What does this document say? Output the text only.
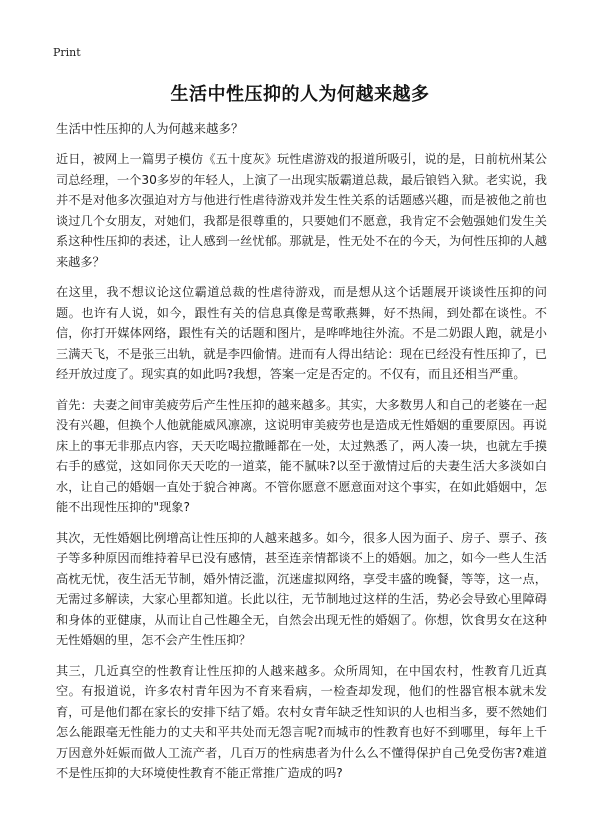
Print
生活中性压抑的人为何越来越多

生活中性压抑的人为何越来越多？

近日，被网上一篇男子模仿《五十度灰》玩性虐游戏的报道所吸引，说的是，日前杭州某公司总经理，一个30多岁的年轻人，上演了一出现实版霸道总裁，最后锒铛入狱。老实说，我并不是对他多次强迫对方与他进行性虐待游戏并发生性关系的话题感兴趣，而是被他之前也谈过几个女朋友，对她们，我都是很尊重的，只要她们不愿意，我肯定不会勉强她们发生关系这种性压抑的表述，让人感到一丝忧郁。那就是，性无处不在的今天，为何性压抑的人越来越多？

在这里，我不想议论这位霸道总裁的性虐待游戏，而是想从这个话题展开谈谈性压抑的问题。也许有人说，如今，跟性有关的信息真像是莺歌燕舞，好不热闹，到处都在谈性。不信，你打开媒体网络，跟性有关的话题和图片，是哗哗地往外流。不是二奶跟人跑，就是小三满天飞，不是张三出轨，就是李四偷情。进而有人得出结论：现在已经没有性压抑了，已经开放过度了。现实真的如此吗?我想，答案一定是否定的。不仅有，而且还相当严重。

首先：夫妻之间审美疲劳后产生性压抑的越来越多。其实，大多数男人和自己的老婆在一起没有兴趣，但换个人他就能威风凛凛，这说明审美疲劳也是造成无性婚姻的重要原因。再说床上的事无非那点内容，天天吃喝拉撒睡都在一处，太过熟悉了，两人凑一块，也就左手摸右手的感觉，这如同你天天吃的一道菜，能不腻味?以至于激情过后的夫妻生活大多淡如白水，让自己的婚姻一直处于貌合神离。不管你愿意不愿意面对这个事实，在如此婚姻中，怎能不出现性压抑的"现象?

其次，无性婚姻比例增高让性压抑的人越来越多。如今，很多人因为面子、房子、票子、孩子等多种原因而维持着早已没有感情，甚至连亲情都谈不上的婚姻。加之，如今一些人生活高枕无忧，夜生活无节制，婚外情泛滥，沉迷虚拟网络，享受丰盛的晚餐，等等，这一点，无需过多解读，大家心里都知道。长此以往，无节制地过这样的生活，势必会导致心里障碍和身体的亚健康，从而让自己性趣全无，自然会出现无性的婚姻了。你想，饮食男女在这种无性婚姻的里，怎不会产生性压抑？

其三，几近真空的性教育让性压抑的人越来越多。众所周知，在中国农村，性教育几近真空。有报道说，许多农村青年因为不育来看病，一检查却发现，他们的性器官根本就未发育，可是他们都在家长的安排下结了婚。农村女青年缺乏性知识的人也相当多，要不然她们怎么能跟毫无性能力的丈夫和平共处而无怨言呢?而城市的性教育也好不到哪里，每年上千万因意外妊娠而做人工流产者，几百万的性病患者为什么么不懂得保护自己免受伤害?难道不是性压抑的大环境使性教育不能正常推广造成的吗?
